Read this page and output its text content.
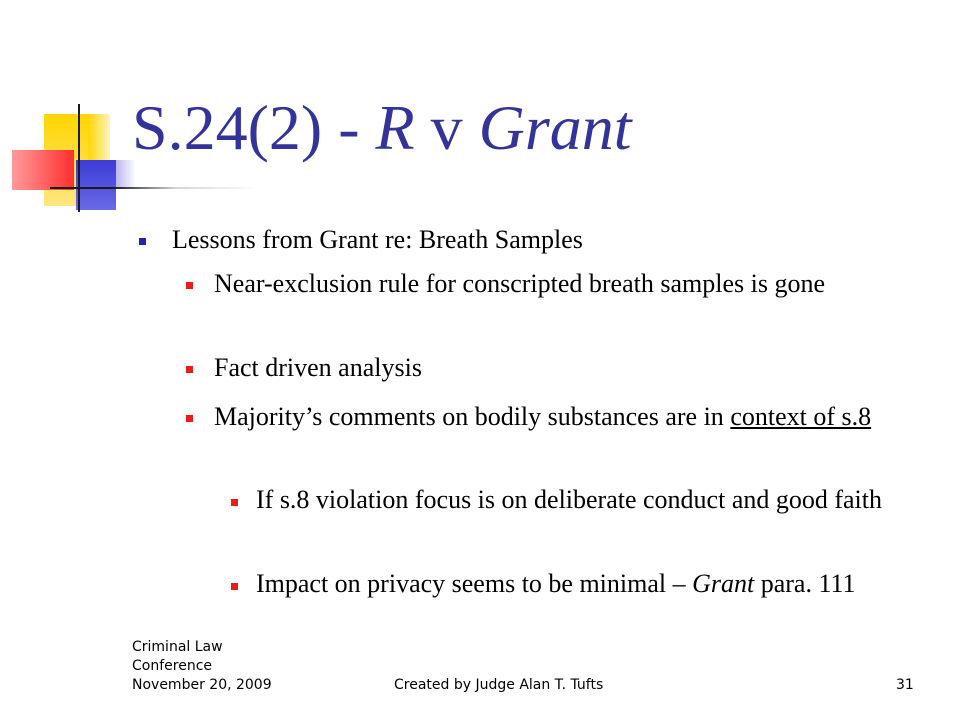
S.24(2) - R v Grant
Lessons from Grant re: Breath Samples
Near-exclusion rule for conscripted breath samples is gone
Fact driven analysis
Majority’s comments on bodily substances are in context of s.8
If s.8 violation focus is on deliberate conduct and good faith
Impact on privacy seems to be minimal – Grant para. 111
Criminal Law
Conference
November 20, 2009	Created by Judge Alan T. Tufts	31
